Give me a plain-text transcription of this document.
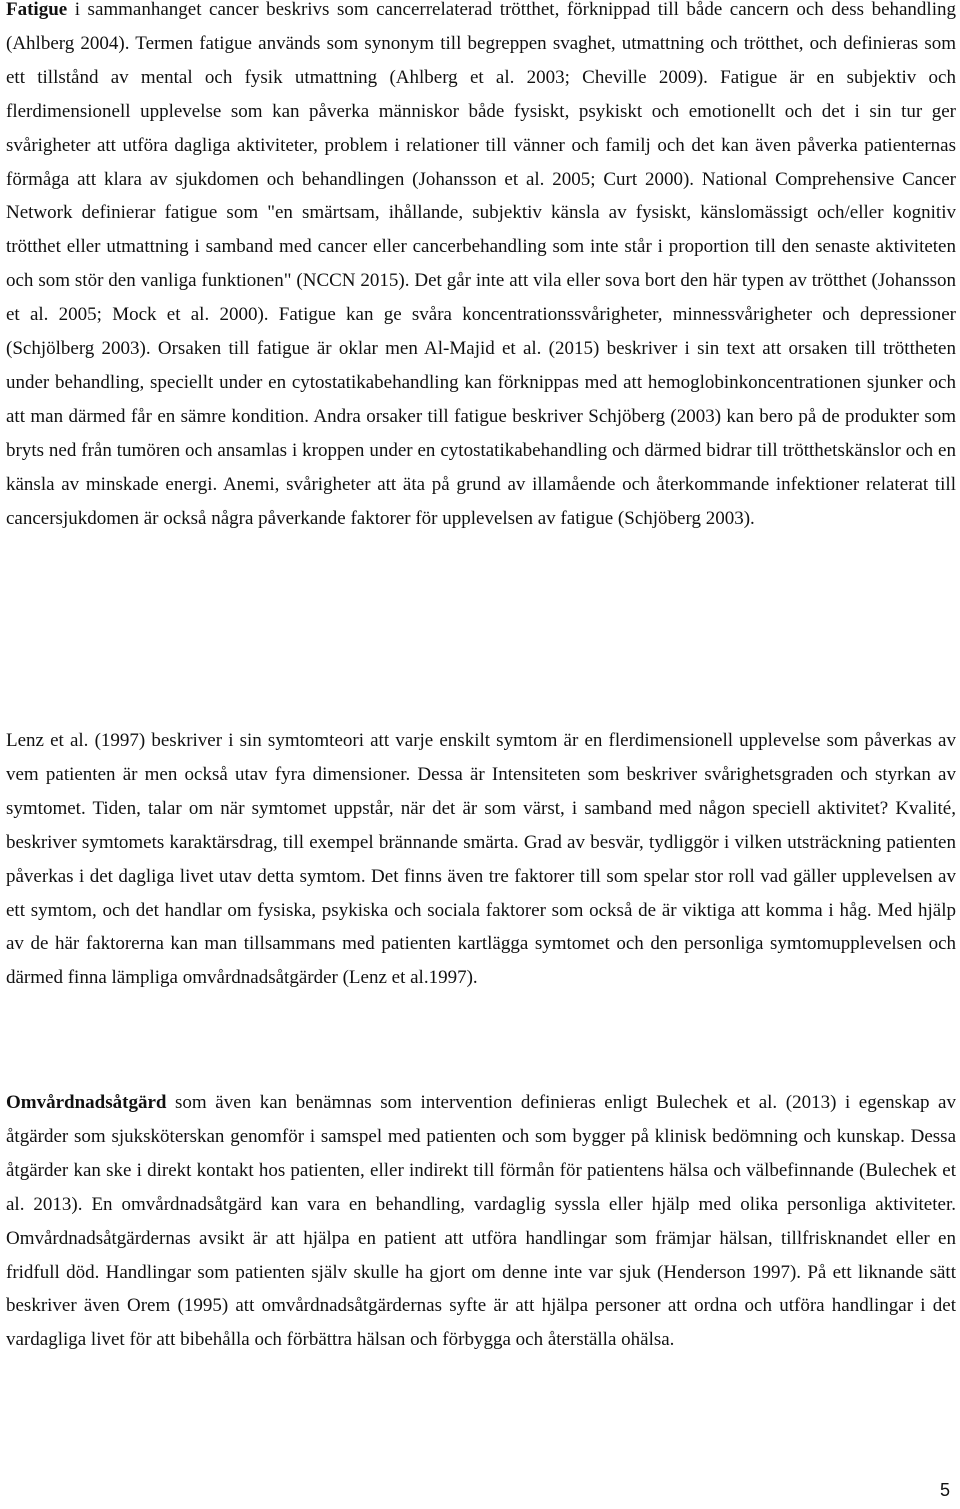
Fatigue i sammanhanget cancer beskrivs som cancerrelaterad trötthet, förknippad till både cancern och dess behandling (Ahlberg 2004). Termen fatigue används som synonym till begreppen svaghet, utmattning och trötthet, och definieras som ett tillstånd av mental och fysik utmattning (Ahlberg et al. 2003; Cheville 2009). Fatigue är en subjektiv och flerdimensionell upplevelse som kan påverka människor både fysiskt, psykiskt och emotionellt och det i sin tur ger svårigheter att utföra dagliga aktiviteter, problem i relationer till vänner och familj och det kan även påverka patienternas förmåga att klara av sjukdomen och behandlingen (Johansson et al. 2005; Curt 2000). National Comprehensive Cancer Network definierar fatigue som "en smärtsam, ihållande, subjektiv känsla av fysiskt, känslomässigt och/eller kognitiv trötthet eller utmattning i samband med cancer eller cancerbehandling som inte står i proportion till den senaste aktiviteten och som stör den vanliga funktionen" (NCCN 2015). Det går inte att vila eller sova bort den här typen av trötthet (Johansson et al. 2005; Mock et al. 2000). Fatigue kan ge svåra koncentrationssvårigheter, minnessvårigheter och depressioner (Schjölberg 2003). Orsaken till fatigue är oklar men Al-Majid et al. (2015) beskriver i sin text att orsaken till tröttheten under behandling, speciellt under en cytostatikabehandling kan förknippas med att hemoglobinkoncentrationen sjunker och att man därmed får en sämre kondition. Andra orsaker till fatigue beskriver Schjöberg (2003) kan bero på de produkter som bryts ned från tumören och ansamlas i kroppen under en cytostatikabehandling och därmed bidrar till trötthetskänslor och en känsla av minskade energi. Anemi, svårigheter att äta på grund av illamående och återkommande infektioner relaterat till cancersjukdomen är också några påverkande faktorer för upplevelsen av fatigue (Schjöberg 2003).

Lenz et al. (1997) beskriver i sin symtomteori att varje enskilt symtom är en flerdimensionell upplevelse som påverkas av vem patienten är men också utav fyra dimensioner. Dessa är Intensiteten som beskriver svårighetsgraden och styrkan av symtomet. Tiden, talar om när symtomet uppstår, när det är som värst, i samband med någon speciell aktivitet? Kvalité, beskriver symtomets karaktärsdrag, till exempel brännande smärta. Grad av besvär, tydliggör i vilken utsträckning patienten påverkas i det dagliga livet utav detta symtom. Det finns även tre faktorer till som spelar stor roll vad gäller upplevelsen av ett symtom, och det handlar om fysiska, psykiska och sociala faktorer som också de är viktiga att komma i håg. Med hjälp av de här faktorerna kan man tillsammans med patienten kartlägga symtomet och den personliga symtomupplevelsen och därmed finna lämpliga omvårdnadsåtgärder (Lenz et al.1997).

Omvårdnadsåtgärd som även kan benämnas som intervention definieras enligt Bulechek et al. (2013) i egenskap av åtgärder som sjuksköterskan genomför i samspel med patienten och som bygger på klinisk bedömning och kunskap. Dessa åtgärder kan ske i direkt kontakt hos patienten, eller indirekt till förmån för patientens hälsa och välbefinnande (Bulechek et al. 2013). En omvårdnadsåtgärd kan vara en behandling, vardaglig syssla eller hjälp med olika personliga aktiviteter. Omvårdnadsåtgärdernas avsikt är att hjälpa en patient att utföra handlingar som främjar hälsan, tillfrisknandet eller en fridfull död. Handlingar som patienten själv skulle ha gjort om denne inte var sjuk (Henderson 1997). På ett liknande sätt beskriver även Orem (1995) att omvårdnadsåtgärdernas syfte är att hjälpa personer att ordna och utföra handlingar i det vardagliga livet för att bibehålla och förbättra hälsan och förbygga och återställa ohälsa.

5
